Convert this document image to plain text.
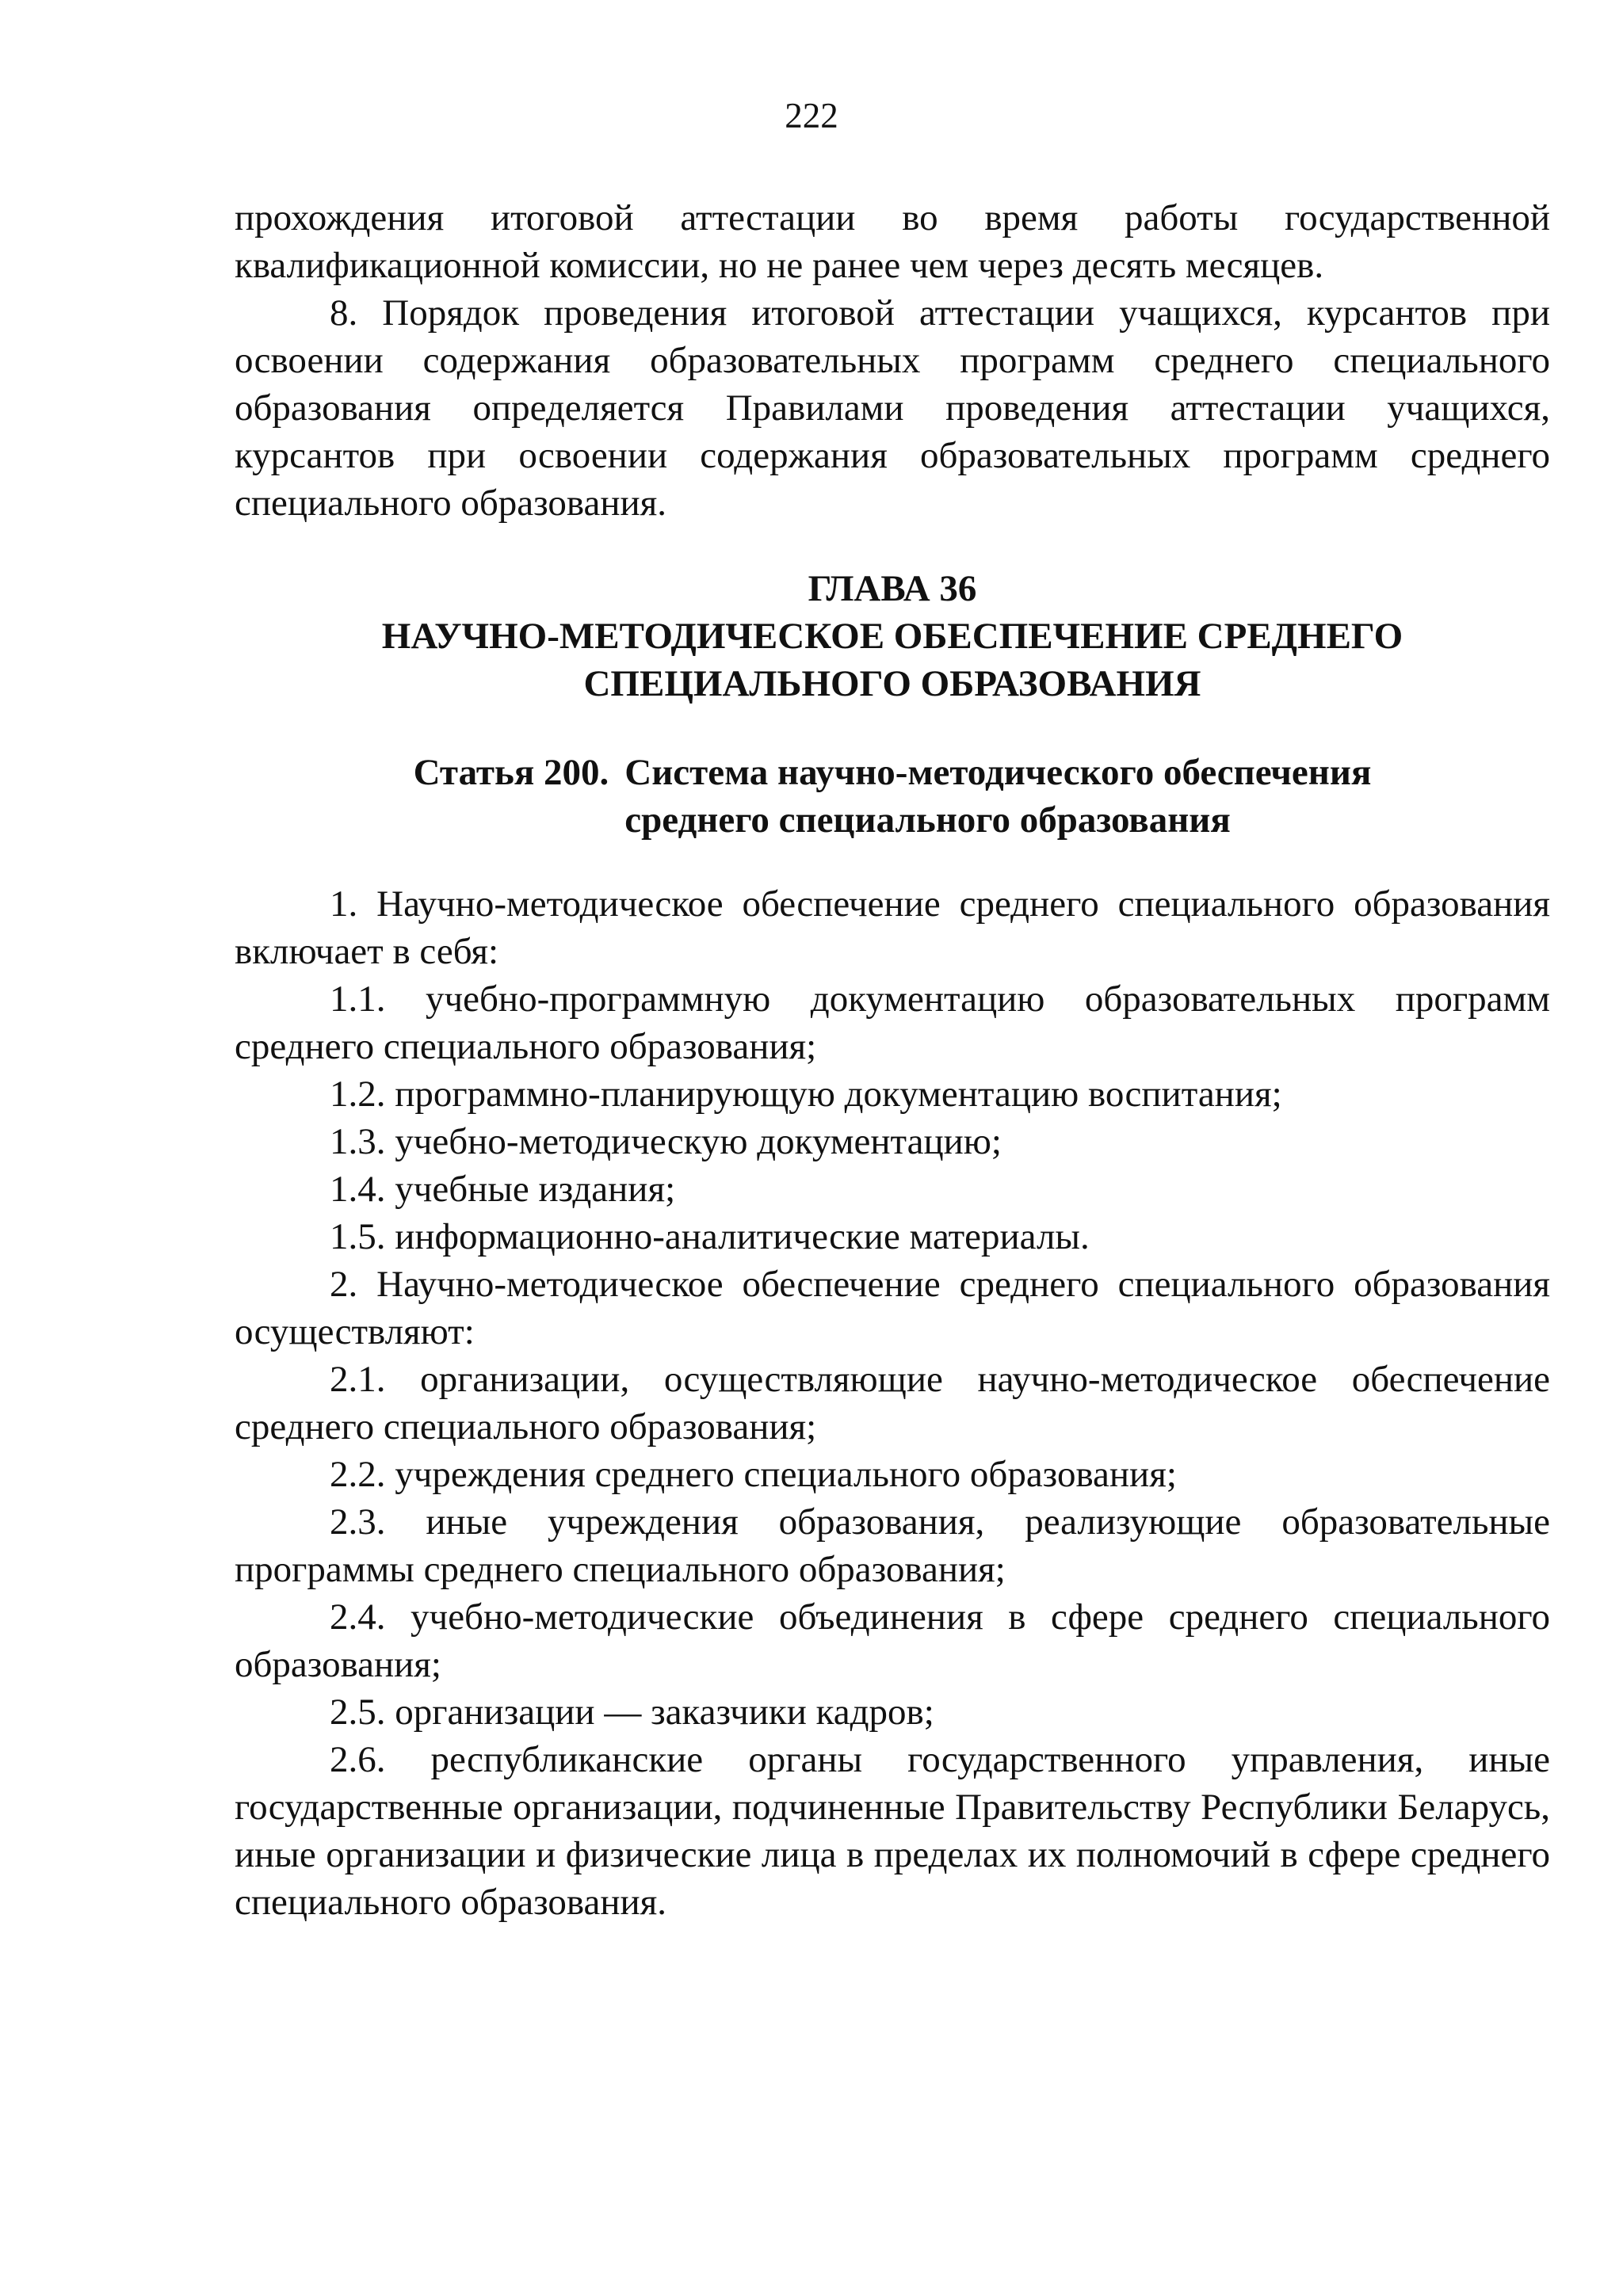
222

прохождения итоговой аттестации во время работы государственной квалификационной комиссии, но не ранее чем через десять месяцев.

8. Порядок проведения итоговой аттестации учащихся, курсантов при освоении содержания образовательных программ среднего специального образования определяется Правилами проведения аттестации учащихся, курсантов при освоении содержания образовательных программ среднего специального образования.

ГЛАВА 36
НАУЧНО-МЕТОДИЧЕСКОЕ ОБЕСПЕЧЕНИЕ СРЕДНЕГО
СПЕЦИАЛЬНОГО ОБРАЗОВАНИЯ
Статья 200. Система научно-методического обеспечения
среднего специального образования

1. Научно-методическое обеспечение среднего специального образования включает в себя:

1.1. учебно-программную документацию образовательных программ среднего специального образования;

1.2. программно-планирующую документацию воспитания;

1.3. учебно-методическую документацию;

1.4. учебные издания;

1.5. информационно-аналитические материалы.

2. Научно-методическое обеспечение среднего специального образования осуществляют:

2.1. организации, осуществляющие научно-методическое обеспечение среднего специального образования;

2.2. учреждения среднего специального образования;

2.3. иные учреждения образования, реализующие образовательные программы среднего специального образования;

2.4. учебно-методические объединения в сфере среднего специального образования;

2.5. организации — заказчики кадров;

2.6. республиканские органы государственного управления, иные государственные организации, подчиненные Правительству Республики Беларусь, иные организации и физические лица в пределах их полномочий в сфере среднего специального образования.
